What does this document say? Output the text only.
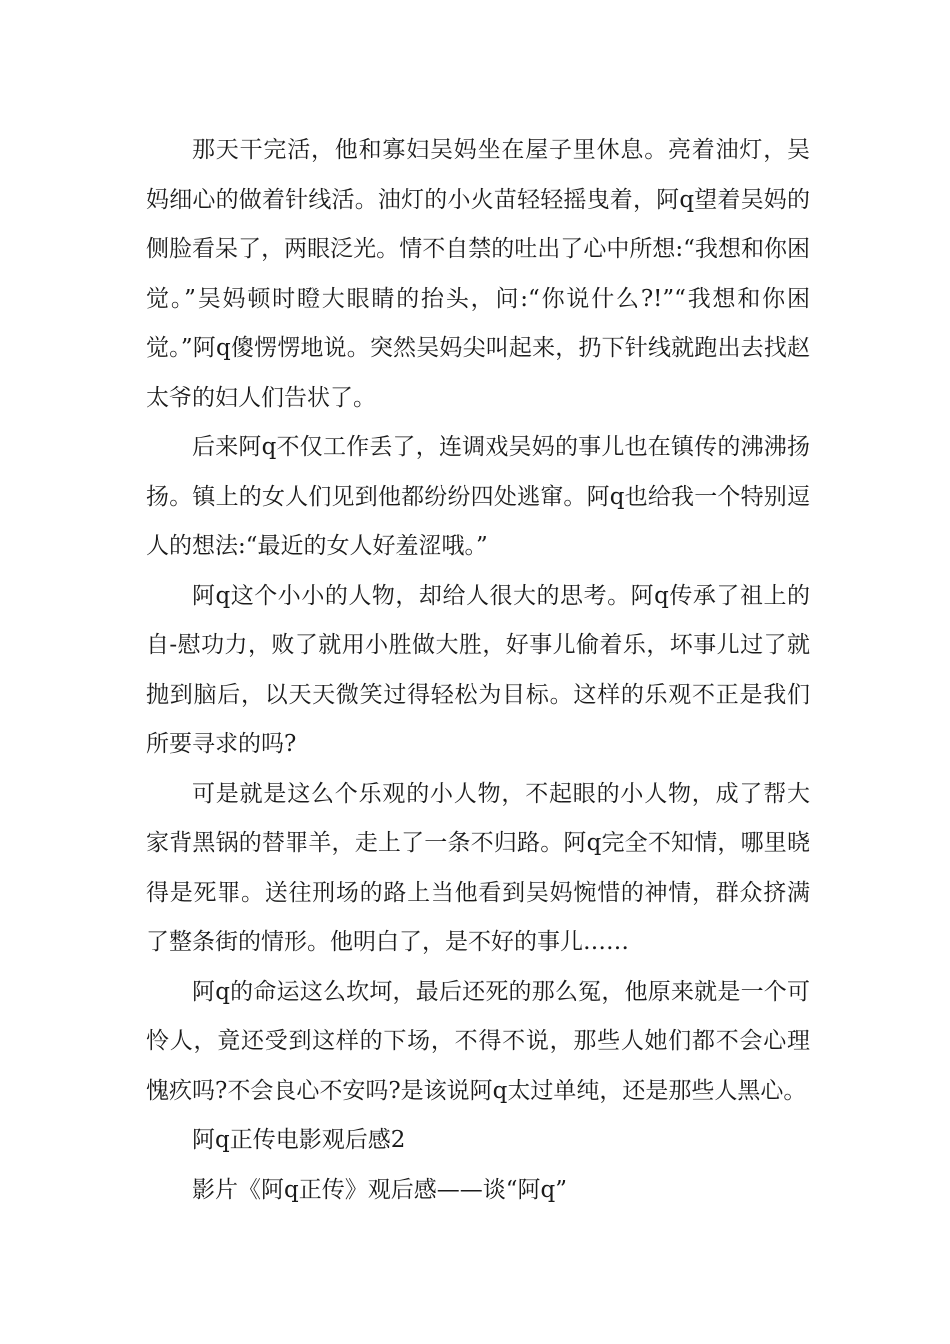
那天干完活，他和寡妇吴妈坐在屋子里休息。亮着油灯，吴妈细心的做着针线活。油灯的小火苗轻轻摇曳着，阿q望着吴妈的侧脸看呆了，两眼泛光。情不自禁的吐出了心中所想:“我想和你困觉。”吴妈顿时瞪大眼睛的抬头，问:“你说什么?!”“我想和你困觉。”阿q傻愣愣地说。突然吴妈尖叫起来，扔下针线就跑出去找赵太爷的妇人们告状了。

后来阿q不仅工作丢了，连调戏吴妈的事儿也在镇传的沸沸扬扬。镇上的女人们见到他都纷纷四处逃窜。阿q也给我一个特别逗人的想法:“最近的女人好羞涩哦。”

阿q这个小小的人物，却给人很大的思考。阿q传承了祖上的自-慰功力，败了就用小胜做大胜，好事儿偷着乐，坏事儿过了就抛到脑后，以天天微笑过得轻松为目标。这样的乐观不正是我们所要寻求的吗?

可是就是这么个乐观的小人物，不起眼的小人物，成了帮大家背黑锅的替罪羊，走上了一条不归路。阿q完全不知情，哪里晓得是死罪。送往刑场的路上当他看到吴妈惋惜的神情，群众挤满了整条街的情形。他明白了，是不好的事儿……

阿q的命运这么坎坷，最后还死的那么冤，他原来就是一个可怜人，竟还受到这样的下场，不得不说，那些人她们都不会心理愧疚吗?不会良心不安吗?是该说阿q太过单纯，还是那些人黑心。

阿q正传电影观后感2

影片《阿q正传》观后感——谈“阿q”
